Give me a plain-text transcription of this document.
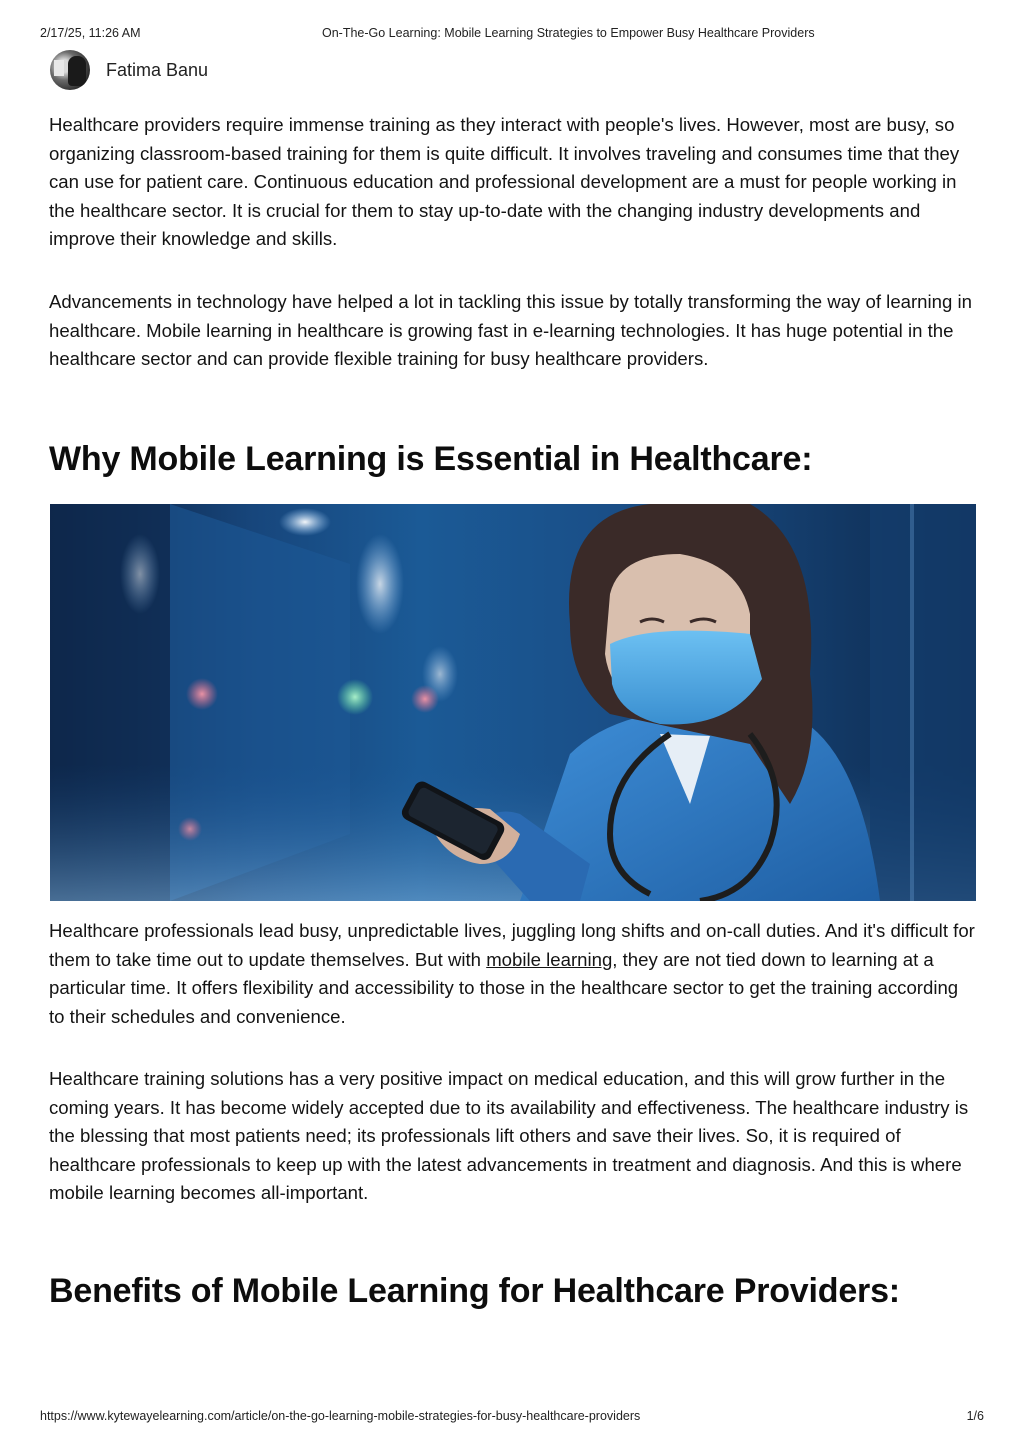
2/17/25, 11:26 AM	On-The-Go Learning: Mobile Learning Strategies to Empower Busy Healthcare Providers
Fatima Banu

Healthcare providers require immense training as they interact with people's lives. However, most are busy, so organizing classroom-based training for them is quite difficult. It involves traveling and consumes time that they can use for patient care. Continuous education and professional development are a must for people working in the healthcare sector. It is crucial for them to stay up-to-date with the changing industry developments and improve their knowledge and skills.

Advancements in technology have helped a lot in tackling this issue by totally transforming the way of learning in healthcare. Mobile learning in healthcare is growing fast in e-learning technologies. It has huge potential in the healthcare sector and can provide flexible training for busy healthcare providers.

Why Mobile Learning is Essential in Healthcare:

Healthcare professionals lead busy, unpredictable lives, juggling long shifts and on-call duties. And it's difficult for them to take time out to update themselves. But with mobile learning, they are not tied down to learning at a particular time. It offers flexibility and accessibility to those in the healthcare sector to get the training according to their schedules and convenience.

Healthcare training solutions has a very positive impact on medical education, and this will grow further in the coming years. It has become widely accepted due to its availability and effectiveness. The healthcare industry is the blessing that most patients need; its professionals lift others and save their lives. So, it is required of healthcare professionals to keep up with the latest advancements in treatment and diagnosis. And this is where mobile learning becomes all-important.

Benefits of Mobile Learning for Healthcare Providers:
https://www.kytewayelearning.com/article/on-the-go-learning-mobile-strategies-for-busy-healthcare-providers	1/6
